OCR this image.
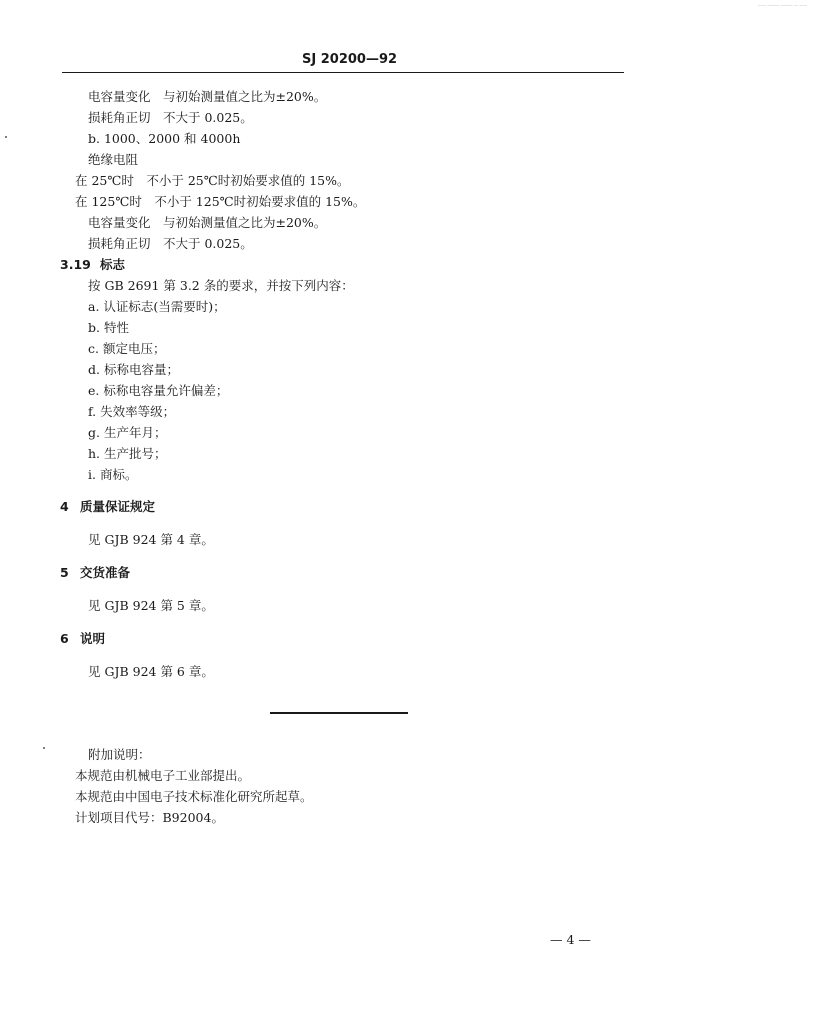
—— ——— ——— — ——
SJ 20200—92
电容量变化　与初始测量值之比为±20%。
损耗角正切　不大于 0.025。
b. 1000、2000 和 4000h
绝缘电阻
在 25℃时　不小于 25℃时初始要求值的 15%。
在 125℃时　不小于 125℃时初始要求值的 15%。
电容量变化　与初始测量值之比为±20%。
损耗角正切　不大于 0.025。
3.19 标志
按 GB 2691 第 3.2 条的要求，并按下列内容：
a. 认证标志(当需要时)；
b. 特性
c. 额定电压；
d. 标称电容量；
e. 标称电容量允许偏差；
f. 失效率等级；
g. 生产年月；
h. 生产批号；
i. 商标。
4 质量保证规定
见 GJB 924 第 4 章。
5 交货准备
见 GJB 924 第 5 章。
6 说明
见 GJB 924 第 6 章。
附加说明：
本规范由机械电子工业部提出。
本规范由中国电子技术标准化研究所起草。
计划项目代号：B92004。
— 4 —
